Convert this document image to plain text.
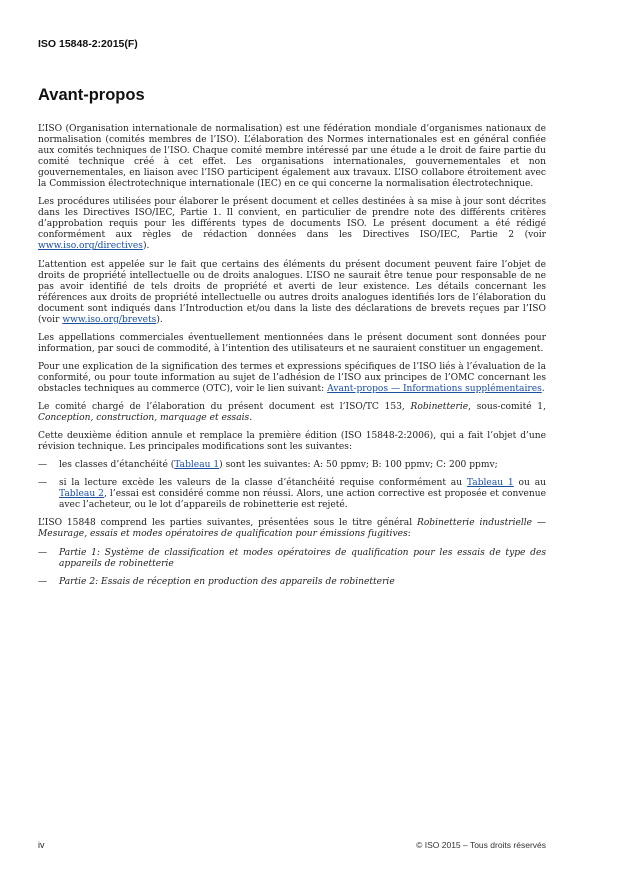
ISO 15848-2:2015(F)
Avant-propos

L’ISO (Organisation internationale de normalisation) est une fédération mondiale d’organismes nationaux de normalisation (comités membres de l’ISO). L’élaboration des Normes internationales est en général confiée aux comités techniques de l’ISO. Chaque comité membre intéressé par une étude a le droit de faire partie du comité technique créé à cet effet. Les organisations internationales, gouvernementales et non gouvernementales, en liaison avec l’ISO participent également aux travaux. L’ISO collabore étroitement avec la Commission électrotechnique internationale (IEC) en ce qui concerne la normalisation électrotechnique.

Les procédures utilisées pour élaborer le présent document et celles destinées à sa mise à jour sont décrites dans les Directives ISO/IEC, Partie 1. Il convient, en particulier de prendre note des différents critères d’approbation requis pour les différents types de documents ISO. Le présent document a été rédigé conformément aux règles de rédaction données dans les Directives ISO/IEC, Partie 2 (voir www.iso.org/directives).

L’attention est appelée sur le fait que certains des éléments du présent document peuvent faire l’objet de droits de propriété intellectuelle ou de droits analogues. L’ISO ne saurait être tenue pour responsable de ne pas avoir identifié de tels droits de propriété et averti de leur existence. Les détails concernant les références aux droits de propriété intellectuelle ou autres droits analogues identifiés lors de l’élaboration du document sont indiqués dans l’Introduction et/ou dans la liste des déclarations de brevets reçues par l’ISO (voir www.iso.org/brevets).

Les appellations commerciales éventuellement mentionnées dans le présent document sont données pour information, par souci de commodité, à l’intention des utilisateurs et ne sauraient constituer un engagement.

Pour une explication de la signification des termes et expressions spécifiques de l’ISO liés à l’évaluation de la conformité, ou pour toute information au sujet de l’adhésion de l’ISO aux principes de l’OMC concernant les obstacles techniques au commerce (OTC), voir le lien suivant: Avant-propos — Informations supplémentaires.

Le comité chargé de l’élaboration du présent document est l’ISO/TC 153, Robinetterie, sous-comité 1, Conception, construction, marquage et essais.

Cette deuxième édition annule et remplace la première édition (ISO 15848-2:2006), qui a fait l’objet d’une révision technique. Les principales modifications sont les suivantes:

—	les classes d’étanchéité (Tableau 1) sont les suivantes: A: 50 ppmv; B: 100 ppmv; C: 200 ppmv;
—	si la lecture excède les valeurs de la classe d’étanchéité requise conformément au Tableau 1 ou au Tableau 2, l’essai est considéré comme non réussi. Alors, une action corrective est proposée et convenue avec l’acheteur, ou le lot d’appareils de robinetterie est rejeté.

L’ISO 15848 comprend les parties suivantes, présentées sous le titre général Robinetterie industrielle — Mesurage, essais et modes opératoires de qualification pour émissions fugitives:

—	Partie 1: Système de classification et modes opératoires de qualification pour les essais de type des appareils de robinetterie
—	Partie 2: Essais de réception en production des appareils de robinetterie
iv	© ISO 2015 – Tous droits réservés
